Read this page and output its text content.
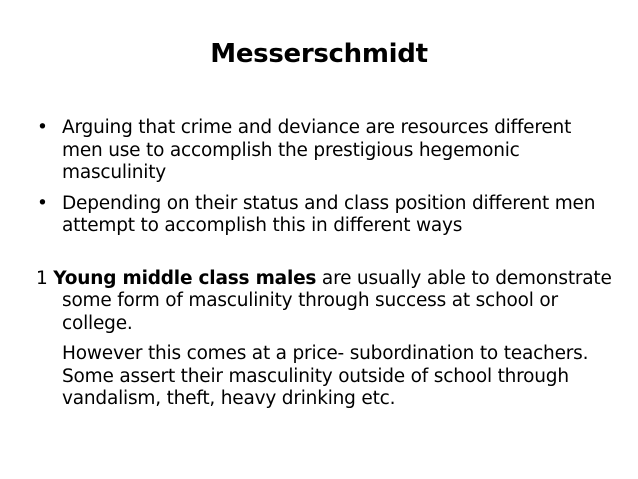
Messerschmidt

• Arguing that crime and deviance are resources different men use to accomplish the prestigious hegemonic masculinity

• Depending on their status and class position different men attempt to accomplish this in different ways

1 Young middle class males are usually able to demonstrate some form of masculinity through success at school or college.

However this comes at a price- subordination to teachers. Some assert their masculinity outside of school through vandalism, theft, heavy drinking etc.
